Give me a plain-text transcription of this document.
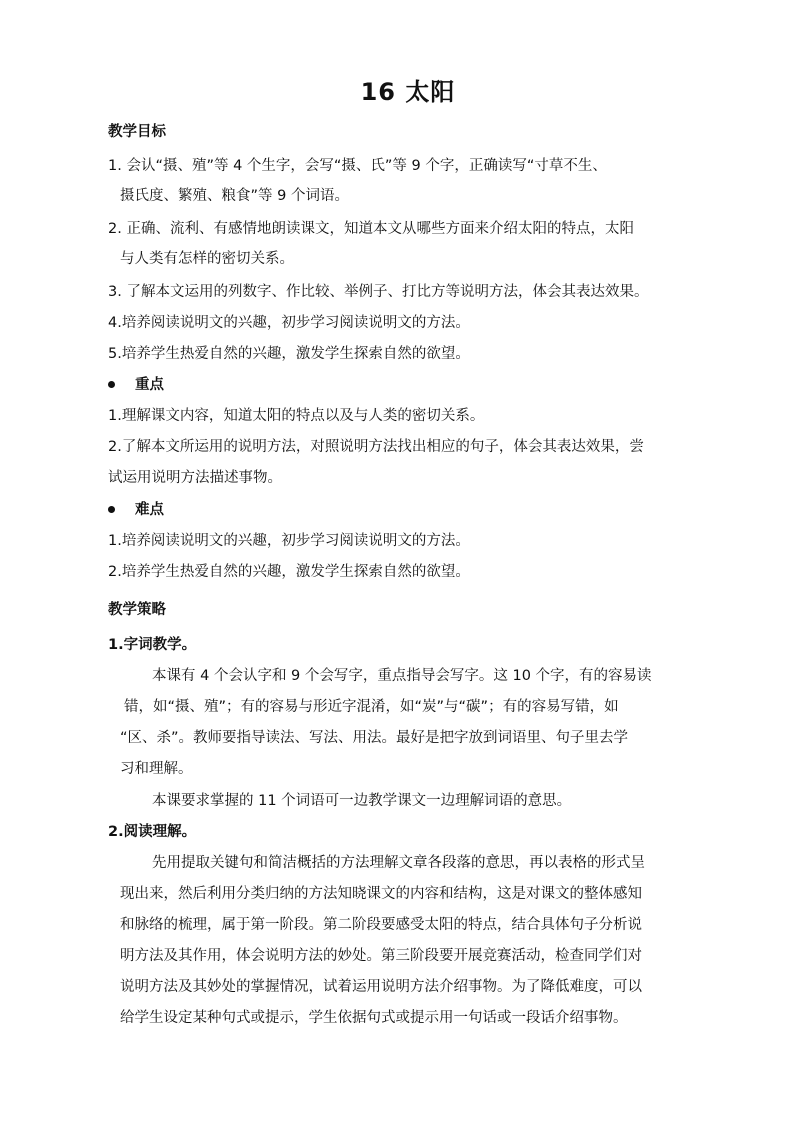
16 太阳
教学目标
1. 会认“摄、殖”等 4 个生字，会写“摄、氏”等 9 个字，正确读写“寸草不生、
摄氏度、繁殖、粮食”等 9 个词语。
2. 正确、流利、有感情地朗读课文，知道本文从哪些方面来介绍太阳的特点，太阳
与人类有怎样的密切关系。
3. 了解本文运用的列数字、作比较、举例子、打比方等说明方法，体会其表达效果。
4.培养阅读说明文的兴趣，初步学习阅读说明文的方法。
5.培养学生热爱自然的兴趣，激发学生探索自然的欲望。
重点
1.理解课文内容，知道太阳的特点以及与人类的密切关系。
2.了解本文所运用的说明方法，对照说明方法找出相应的句子，体会其表达效果，尝
试运用说明方法描述事物。
难点
1.培养阅读说明文的兴趣，初步学习阅读说明文的方法。
2.培养学生热爱自然的兴趣，激发学生探索自然的欲望。
教学策略
1.字词教学。
本课有 4 个会认字和 9 个会写字，重点指导会写字。这 10 个字，有的容易读
错，如“摄、殖”；有的容易与形近字混淆，如“炭”与“碳”；有的容易写错，如
“区、杀”。教师要指导读法、写法、用法。最好是把字放到词语里、句子里去学
习和理解。
本课要求掌握的 11 个词语可一边教学课文一边理解词语的意思。
2.阅读理解。
先用提取关键句和简洁概括的方法理解文章各段落的意思，再以表格的形式呈
现出来，然后利用分类归纳的方法知晓课文的内容和结构，这是对课文的整体感知
和脉络的梳理，属于第一阶段。第二阶段要感受太阳的特点，结合具体句子分析说
明方法及其作用，体会说明方法的妙处。第三阶段要开展竞赛活动，检查同学们对
说明方法及其妙处的掌握情况，试着运用说明方法介绍事物。为了降低难度，可以
给学生设定某种句式或提示，学生依据句式或提示用一句话或一段话介绍事物。
